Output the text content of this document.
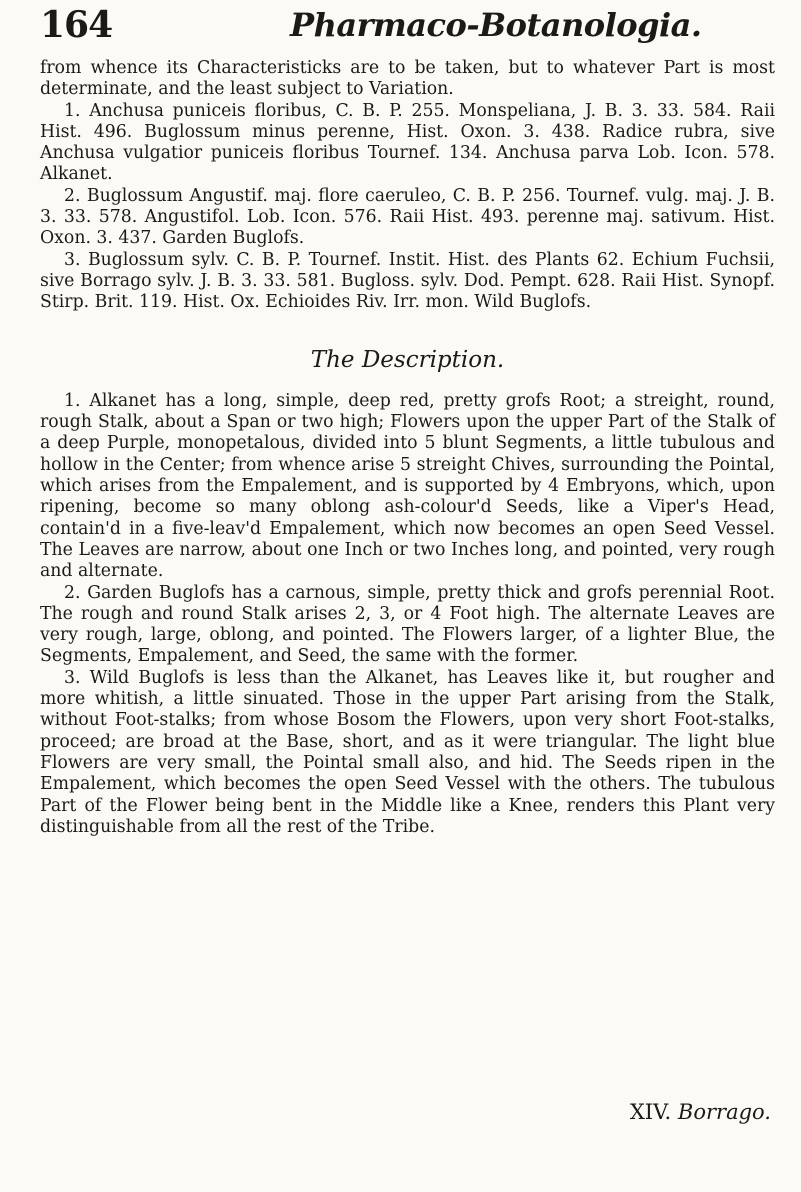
164	Pharmaco-Botanologia.

from whence its Characteristicks are to be taken, but to whatever Part is most determinate, and the least subject to Variation.

1. Anchusa puniceis floribus, C. B. P. 255. Monspeliana, J. B. 3. 33. 584. Raii Hist. 496. Buglossum minus perenne, Hist. Oxon. 3. 438. Radice rubra, sive Anchusa vulgatior puniceis floribus Tournef. 134. Anchusa parva Lob. Icon. 578. Alkanet.

2. Buglossum Angustif. maj. flore caeruleo, C. B. P. 256. Tournef. vulg. maj. J. B. 3. 33. 578. Angustifol. Lob. Icon. 576. Raii Hist. 493. perenne maj. sativum. Hist. Oxon. 3. 437. Garden Buglofs.

3. Buglossum sylv. C. B. P. Tournef. Instit. Hist. des Plants 62. Echium Fuchsii, sive Borrago sylv. J. B. 3. 33. 581. Bugloss. sylv. Dod. Pempt. 628. Raii Hist. Synopf. Stirp. Brit. 119. Hist. Ox. Echioides Riv. Irr. mon. Wild Buglofs.

The Description.

1. Alkanet has a long, simple, deep red, pretty grofs Root; a streight, round, rough Stalk, about a Span or two high; Flowers upon the upper Part of the Stalk of a deep Purple, monopetalous, divided into 5 blunt Segments, a little tubulous and hollow in the Center; from whence arise 5 streight Chives, surrounding the Pointal, which arises from the Empalement, and is supported by 4 Embryons, which, upon ripening, become so many oblong ash-colour'd Seeds, like a Viper's Head, contain'd in a five-leav'd Empalement, which now becomes an open Seed Vessel. The Leaves are narrow, about one Inch or two Inches long, and pointed, very rough and alternate.

2. Garden Buglofs has a carnous, simple, pretty thick and grofs perennial Root. The rough and round Stalk arises 2, 3, or 4 Foot high. The alternate Leaves are very rough, large, oblong, and pointed. The Flowers larger, of a lighter Blue, the Segments, Empalement, and Seed, the same with the former.

3. Wild Buglofs is less than the Alkanet, has Leaves like it, but rougher and more whitish, a little sinuated. Those in the upper Part arising from the Stalk, without Foot-stalks; from whose Bosom the Flowers, upon very short Foot-stalks, proceed; are broad at the Base, short, and as it were triangular. The light blue Flowers are very small, the Pointal small also, and hid. The Seeds ripen in the Empalement, which becomes the open Seed Vessel with the others. The tubulous Part of the Flower being bent in the Middle like a Knee, renders this Plant very distinguishable from all the rest of the Tribe.

XIV. Borrago.
